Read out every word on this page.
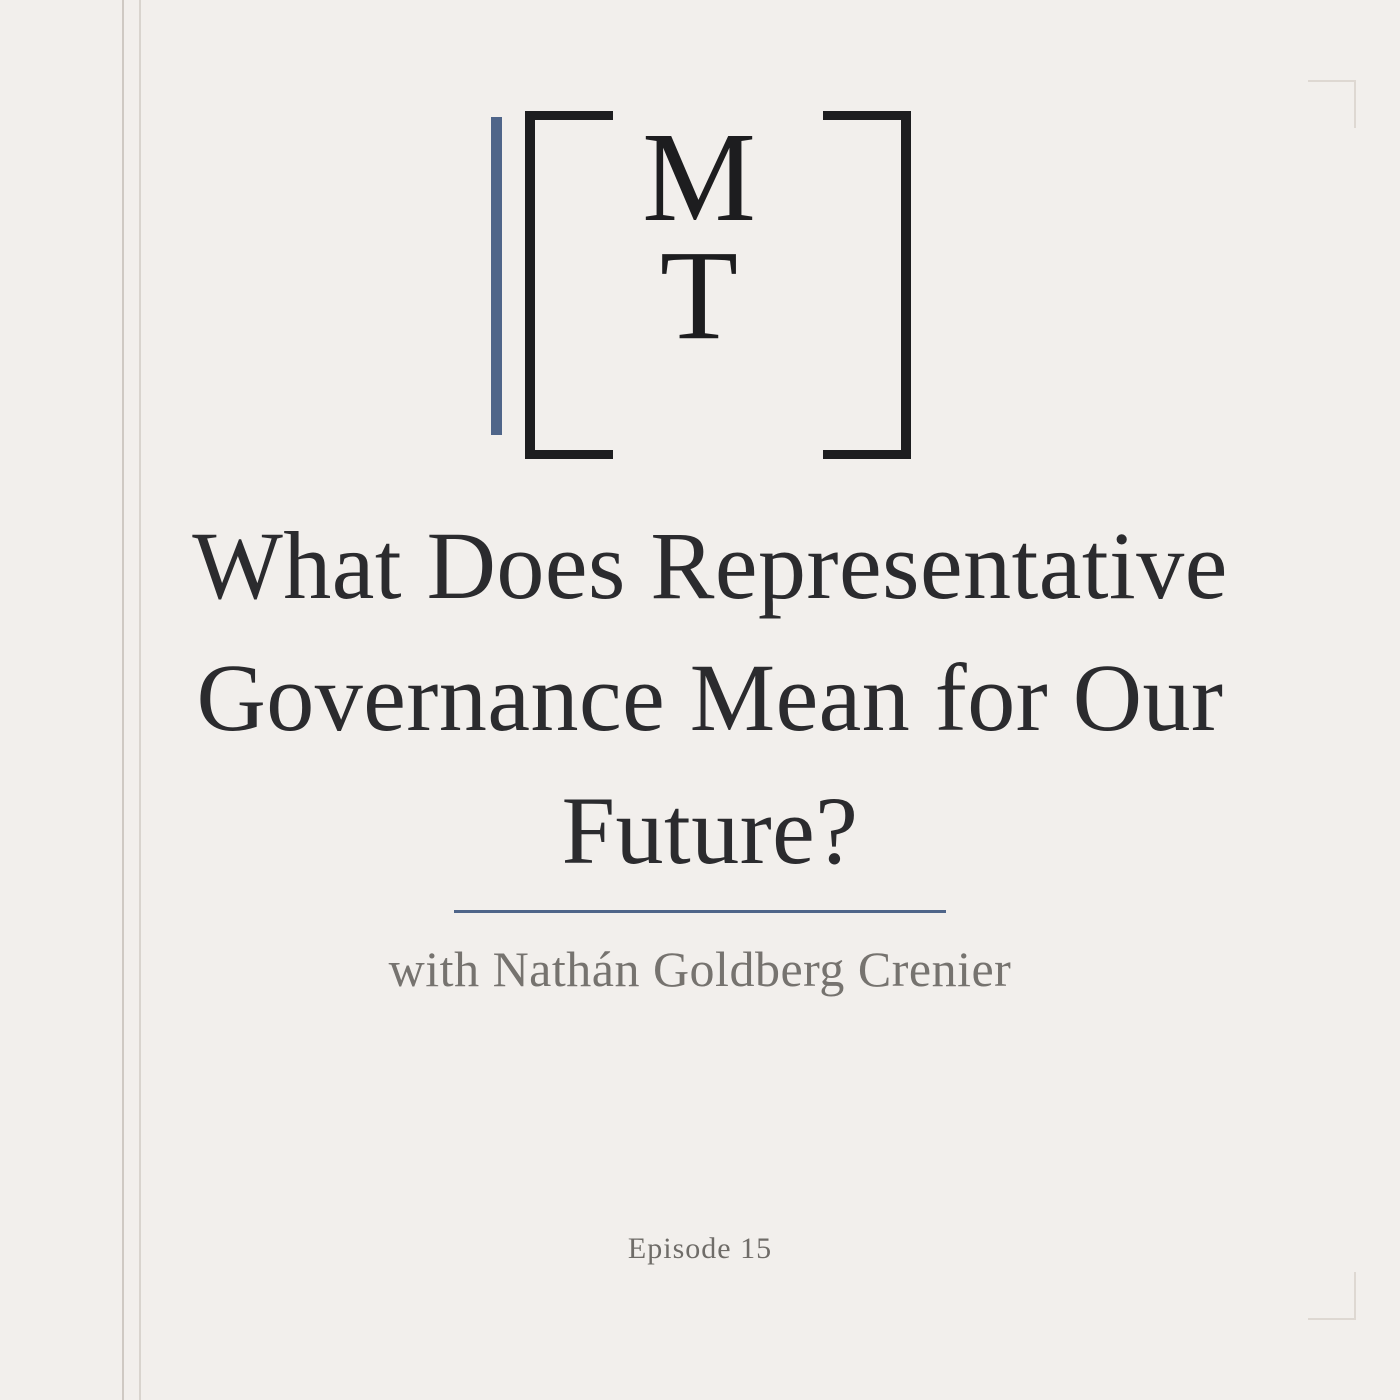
M
T
What Does Representative Governance Mean for Our Future?
with Nathán Goldberg Crenier
Episode 15
